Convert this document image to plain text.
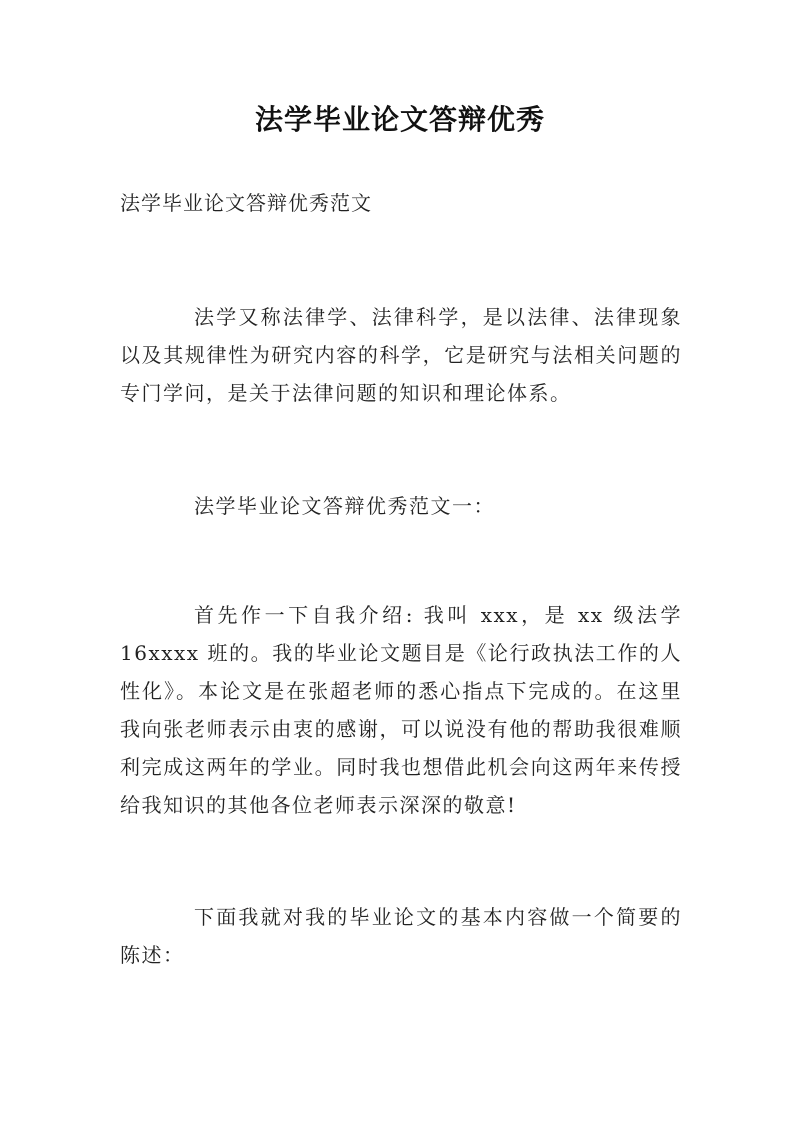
法学毕业论文答辩优秀
法学毕业论文答辩优秀范文

法学又称法律学、法律科学，是以法律、法律现象以及其规律性为研究内容的科学，它是研究与法相关问题的专门学问，是关于法律问题的知识和理论体系。

法学毕业论文答辩优秀范文一：

首先作一下自我介绍: 我叫 xxx，是 xx 级法学 16xxxx 班的。我的毕业论文题目是《论行政执法工作的人性化》。本论文是在张超老师的悉心指点下完成的。在这里我向张老师表示由衷的感谢，可以说没有他的帮助我很难顺利完成这两年的学业。同时我也想借此机会向这两年来传授给我知识的其他各位老师表示深深的敬意!

下面我就对我的毕业论文的基本内容做一个简要的陈述：
